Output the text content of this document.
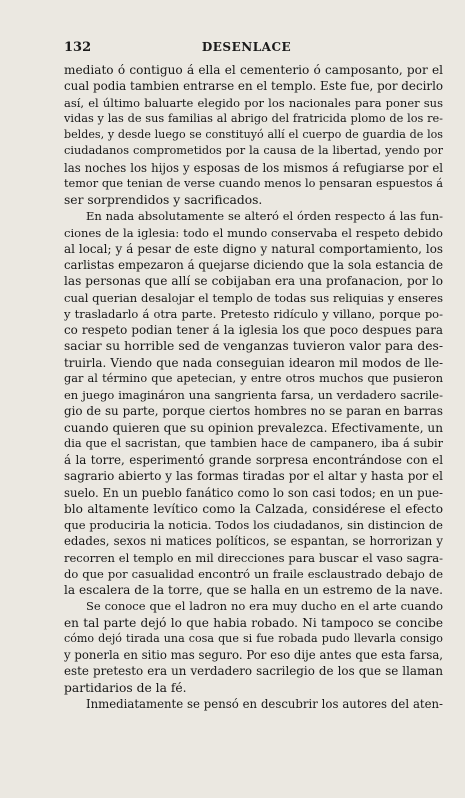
132	DESENLACE
mediato ó contiguo á ella el cementerio ó camposanto, por el
cual podia tambien entrarse en el templo. Este fue, por decirlo
así, el último baluarte elegido por los nacionales para poner sus
vidas y las de sus familias al abrigo del fratricida plomo de los re-
beldes, y desde luego se constituyó allí el cuerpo de guardia de los
ciudadanos comprometidos por la causa de la libertad, yendo por
las noches los hijos y esposas de los mismos á refugiarse por el
temor que tenian de verse cuando menos lo pensaran espuestos á
ser sorprendidos y sacrificados.
En nada absolutamente se alteró el órden respecto á las fun-
ciones de la iglesia: todo el mundo conservaba el respeto debido
al local; y á pesar de este digno y natural comportamiento, los
carlistas empezaron á quejarse diciendo que la sola estancia de
las personas que allí se cobijaban era una profanacion, por lo
cual querian desalojar el templo de todas sus reliquias y enseres
y trasladarlo á otra parte. Pretesto ridículo y villano, porque po-
co respeto podian tener á la iglesia los que poco despues para
saciar su horrible sed de venganzas tuvieron valor para des-
truirla. Viendo que nada conseguian idearon mil modos de lle-
gar al término que apetecian, y entre otros muchos que pusieron
en juego imagináron una sangrienta farsa, un verdadero sacrile-
gio de su parte, porque ciertos hombres no se paran en barras
cuando quieren que su opinion prevalezca. Efectivamente, un
dia que el sacristan, que tambien hace de campanero, iba á subir
á la torre, esperimentó grande sorpresa encontrándose con el
sagrario abierto y las formas tiradas por el altar y hasta por el
suelo. En un pueblo fanático como lo son casi todos; en un pue-
blo altamente levítico como la Calzada, considérese el efecto
que produciria la noticia. Todos los ciudadanos, sin distincion de
edades, sexos ni matices políticos, se espantan, se horrorizan y
recorren el templo en mil direcciones para buscar el vaso sagra-
do que por casualidad encontró un fraile esclaustrado debajo de
la escalera de la torre, que se halla en un estremo de la nave.
Se conoce que el ladron no era muy ducho en el arte cuando
en tal parte dejó lo que habia robado. Ni tampoco se concibe
cómo dejó tirada una cosa que si fue robada pudo llevarla consigo
y ponerla en sitio mas seguro. Por eso dije antes que esta farsa,
este pretesto era un verdadero sacrilegio de los que se llaman
partidarios de la fé.
Inmediatamente se pensó en descubrir los autores del aten-
